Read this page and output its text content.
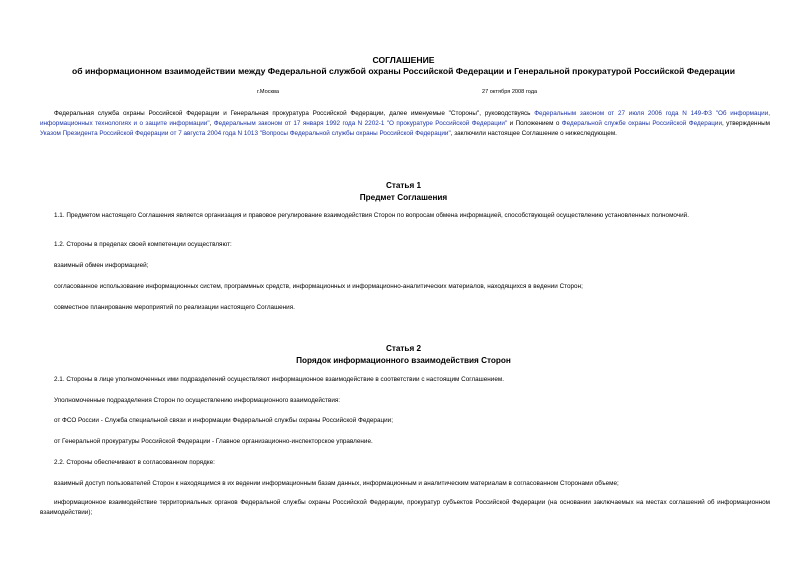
СОГЛАШЕНИЕ
об информационном взаимодействии между Федеральной службой охраны Российской Федерации и Генеральной прокуратурой Российской Федерации
г.Москва	27 октября 2008 года
Федеральная служба охраны Российской Федерации и Генеральная прокуратура Российской Федерации, далее именуемые "Стороны", руководствуясь Федеральным законом от 27 июля 2006 года N 149-ФЗ "Об информации, информационных технологиях и о защите информации", Федеральным законом от 17 января 1992 года N 2202-1 "О прокуратуре Российской Федерации" и Положением о Федеральной службе охраны Российской Федерации, утвержденным Указом Президента Российской Федерации от 7 августа 2004 года N 1013 "Вопросы Федеральной службы охраны Российской Федерации", заключили настоящее Соглашение о нижеследующем.
Статья 1
Предмет Соглашения
1.1. Предметом настоящего Соглашения является организация и правовое регулирование взаимодействия Сторон по вопросам обмена информацией, способствующей осуществлению установленных полномочий.
1.2. Стороны в пределах своей компетенции осуществляют:
взаимный обмен информацией;
согласованное использование информационных систем, программных средств, информационных и информационно-аналитических материалов, находящихся в ведении Сторон;
совместное планирование мероприятий по реализации настоящего Соглашения.
Статья 2
Порядок информационного взаимодействия Сторон
2.1. Стороны в лице уполномоченных ими подразделений осуществляют информационное взаимодействие в соответствии с настоящим Соглашением.
Уполномоченные подразделения Сторон по осуществлению информационного взаимодействия:
от ФСО России - Служба специальной связи и информации Федеральной службы охраны Российской Федерации;
от Генеральной прокуратуры Российской Федерации - Главное организационно-инспекторское управление.
2.2. Стороны обеспечивают в согласованном порядке:
взаимный доступ пользователей Сторон к находящимся в их ведении информационным базам данных, информационным и аналитическим материалам в согласованном Сторонами объеме;
информационное взаимодействие территориальных органов Федеральной службы охраны Российской Федерации, прокуратур субъектов Российской Федерации (на основании заключаемых на местах соглашений об информационном взаимодействии);
